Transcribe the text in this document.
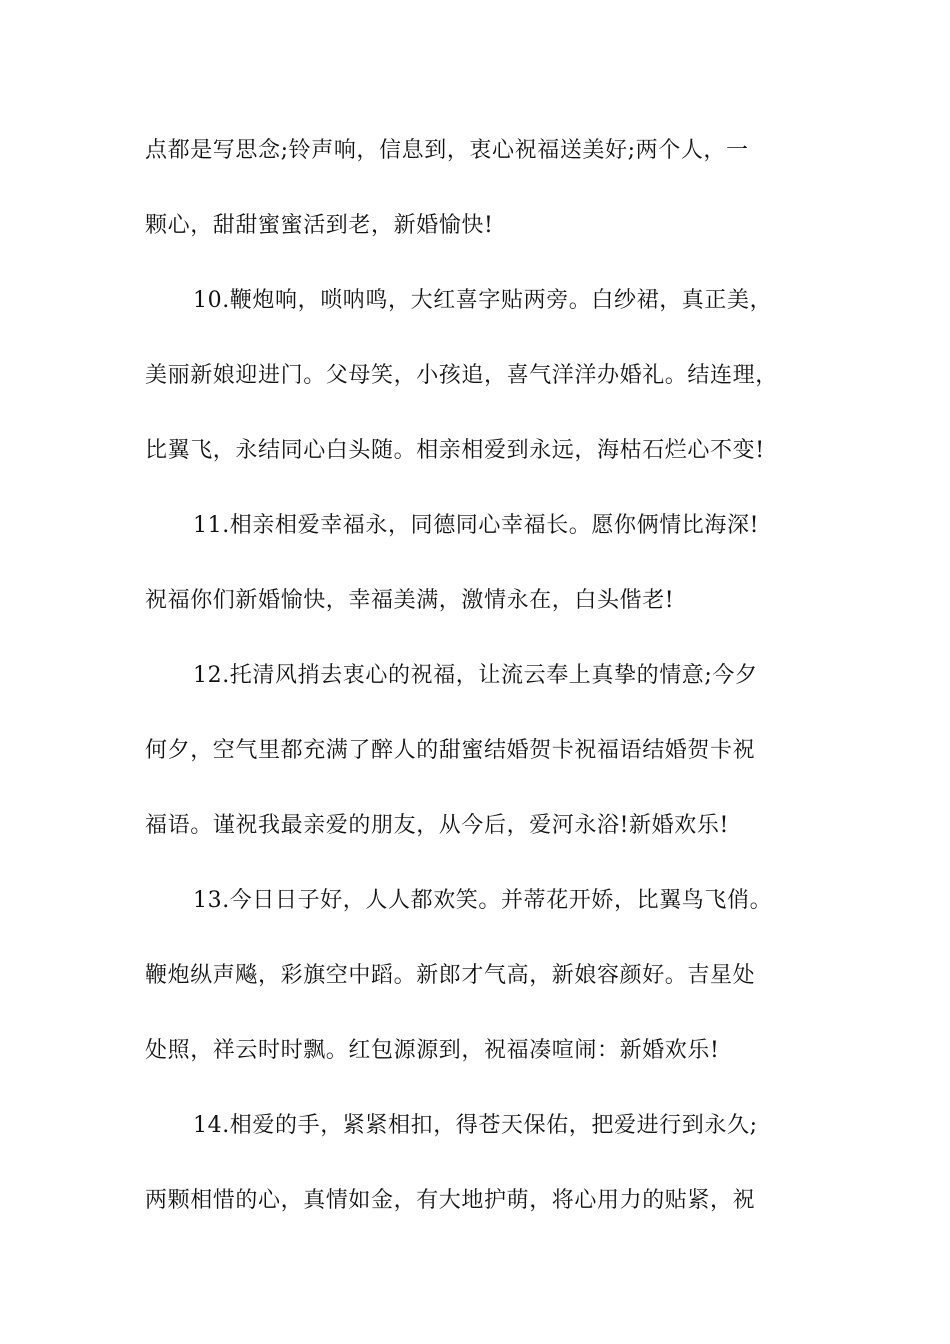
点都是写思念;铃声响，信息到，衷心祝福送美好;两个人，一
颗心，甜甜蜜蜜活到老，新婚愉快!
10.鞭炮响，唢呐鸣，大红喜字贴两旁。白纱裙，真正美，
美丽新娘迎进门。父母笑，小孩追，喜气洋洋办婚礼。结连理，
比翼飞，永结同心白头随。相亲相爱到永远，海枯石烂心不变!
11.相亲相爱幸福永，同德同心幸福长。愿你俩情比海深!
祝福你们新婚愉快，幸福美满，激情永在，白头偕老!
12.托清风捎去衷心的祝福，让流云奉上真挚的情意;今夕
何夕，空气里都充满了醉人的甜蜜结婚贺卡祝福语结婚贺卡祝
福语。谨祝我最亲爱的朋友，从今后，爱河永浴!新婚欢乐!
13.今日日子好，人人都欢笑。并蒂花开娇，比翼鸟飞俏。
鞭炮纵声飚，彩旗空中蹈。新郎才气高，新娘容颜好。吉星处
处照，祥云时时飘。红包源源到，祝福凑喧闹：新婚欢乐!
14.相爱的手，紧紧相扣，得苍天保佑，把爱进行到永久;
两颗相惜的心，真情如金，有大地护萌，将心用力的贴紧，祝
